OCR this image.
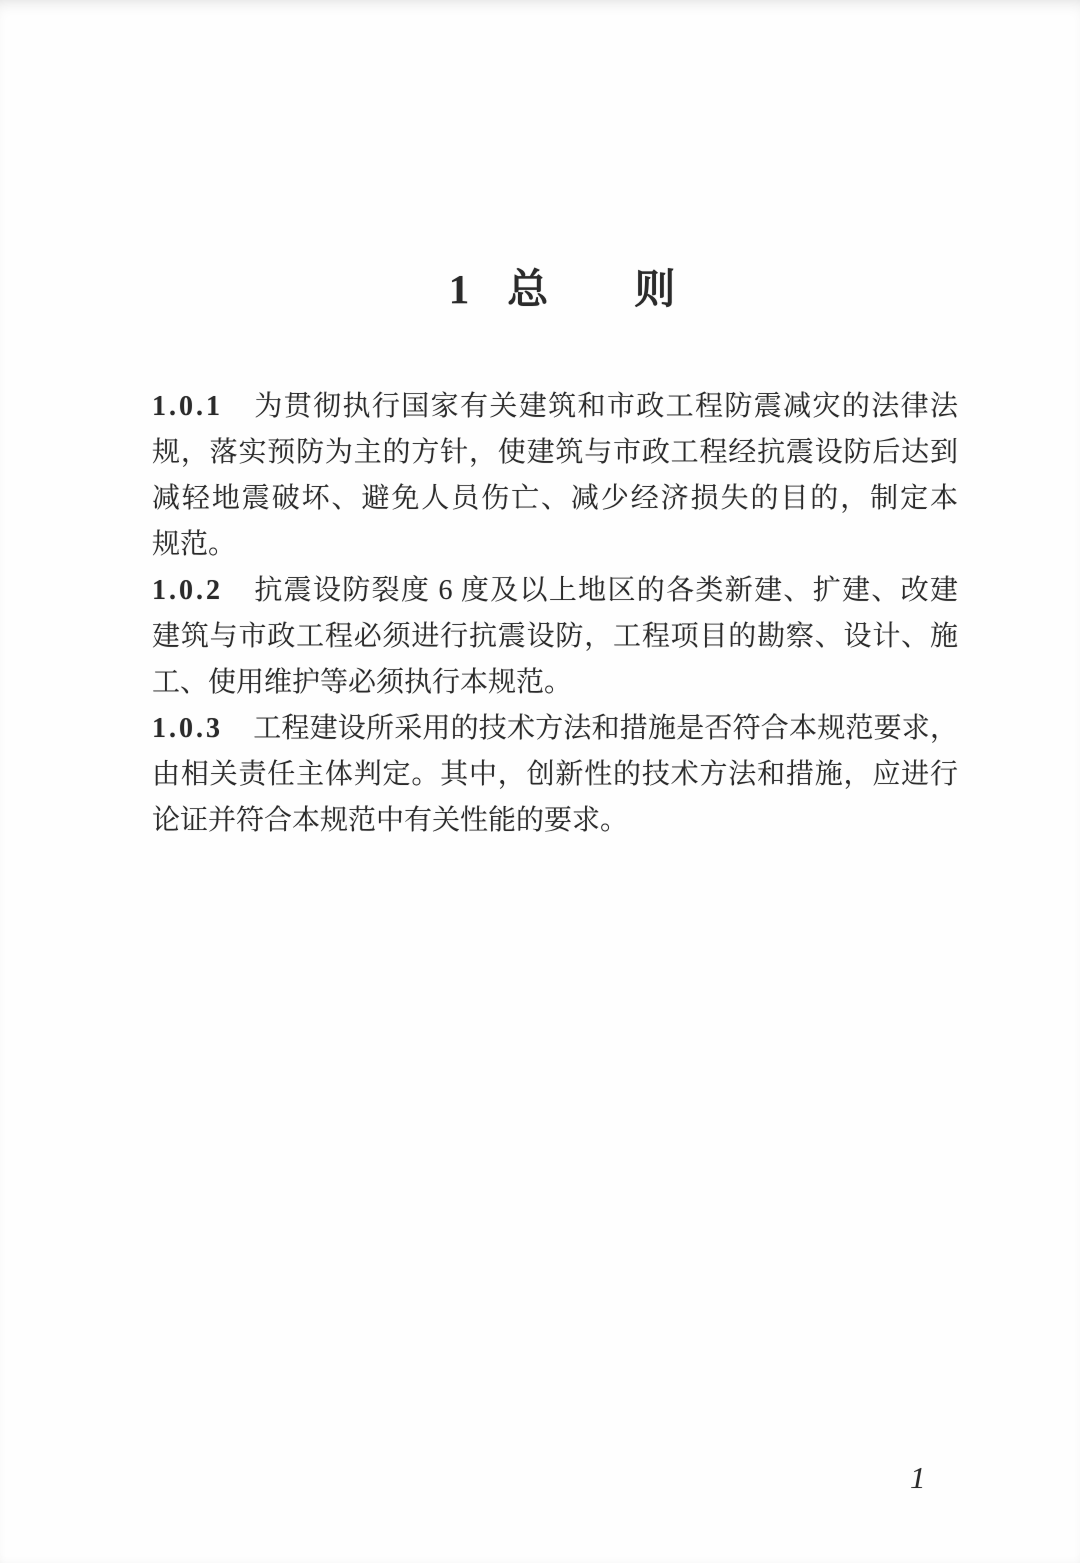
1 总 则

1.0.1 为贯彻执行国家有关建筑和市政工程防震减灾的法律法
规，落实预防为主的方针，使建筑与市政工程经抗震设防后达到
减轻地震破坏、避免人员伤亡、减少经济损失的目的，制定本
规范。

1.0.2 抗震设防裂度 6 度及以上地区的各类新建、扩建、改建
建筑与市政工程必须进行抗震设防，工程项目的勘察、设计、施
工、使用维护等必须执行本规范。

1.0.3 工程建设所采用的技术方法和措施是否符合本规范要求，
由相关责任主体判定。其中，创新性的技术方法和措施，应进行
论证并符合本规范中有关性能的要求。

1
